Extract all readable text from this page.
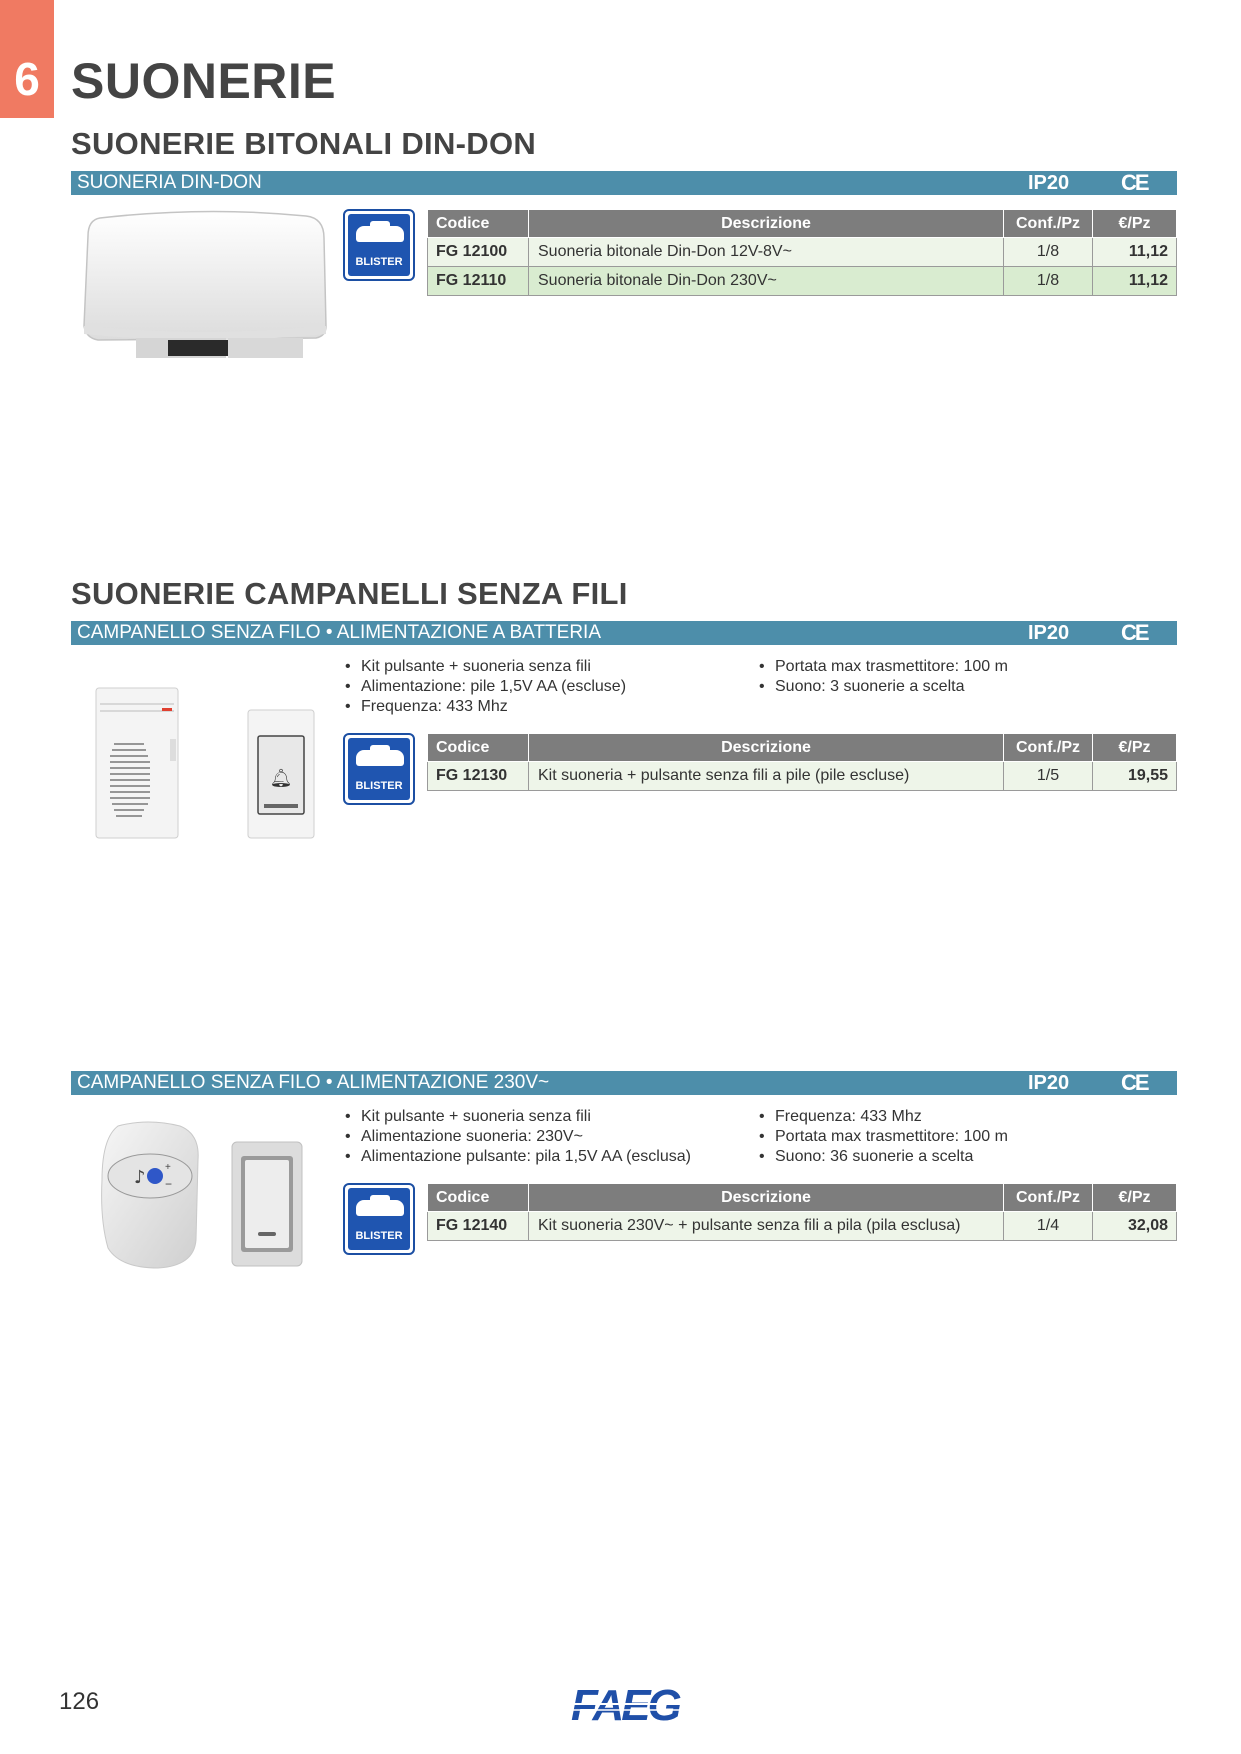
6 SUONERIE
SUONERIE BITONALI DIN-DON
SUONERIA DIN-DON	IP20 CE
BLISTER
Codice	Descrizione	Conf./Pz	€/Pz
FG 12100	Suoneria bitonale Din-Don 12V-8V~	1/8	11,12
FG 12110	Suoneria bitonale Din-Don 230V~	1/8	11,12
SUONERIE CAMPANELLI SENZA FILI
CAMPANELLO SENZA FILO • ALIMENTAZIONE A BATTERIA	IP20 CE
• Kit pulsante + suoneria senza fili
• Alimentazione: pile 1,5V AA (escluse)
• Frequenza: 433 Mhz
• Portata max trasmettitore: 100 m
• Suono: 3 suonerie a scelta
🔔︎	BLISTER
Codice	Descrizione	Conf./Pz	€/Pz
FG 12130	Kit suoneria + pulsante senza fili a pile (pile escluse)	1/5	19,55
CAMPANELLO SENZA FILO • ALIMENTAZIONE 230V~	IP20 CE
• Kit pulsante + suoneria senza fili
• Alimentazione suoneria: 230V~
• Alimentazione pulsante: pila 1,5V AA (esclusa)
• Frequenza: 433 Mhz
• Portata max trasmettitore: 100 m
• Suono: 36 suonerie a scelta
♪ +
−
BLISTER
Codice	Descrizione	Conf./Pz	€/Pz
FG 12140	Kit suoneria 230V~ + pulsante senza fili a pila (pila esclusa)	1/4	32,08
126	FAEG
